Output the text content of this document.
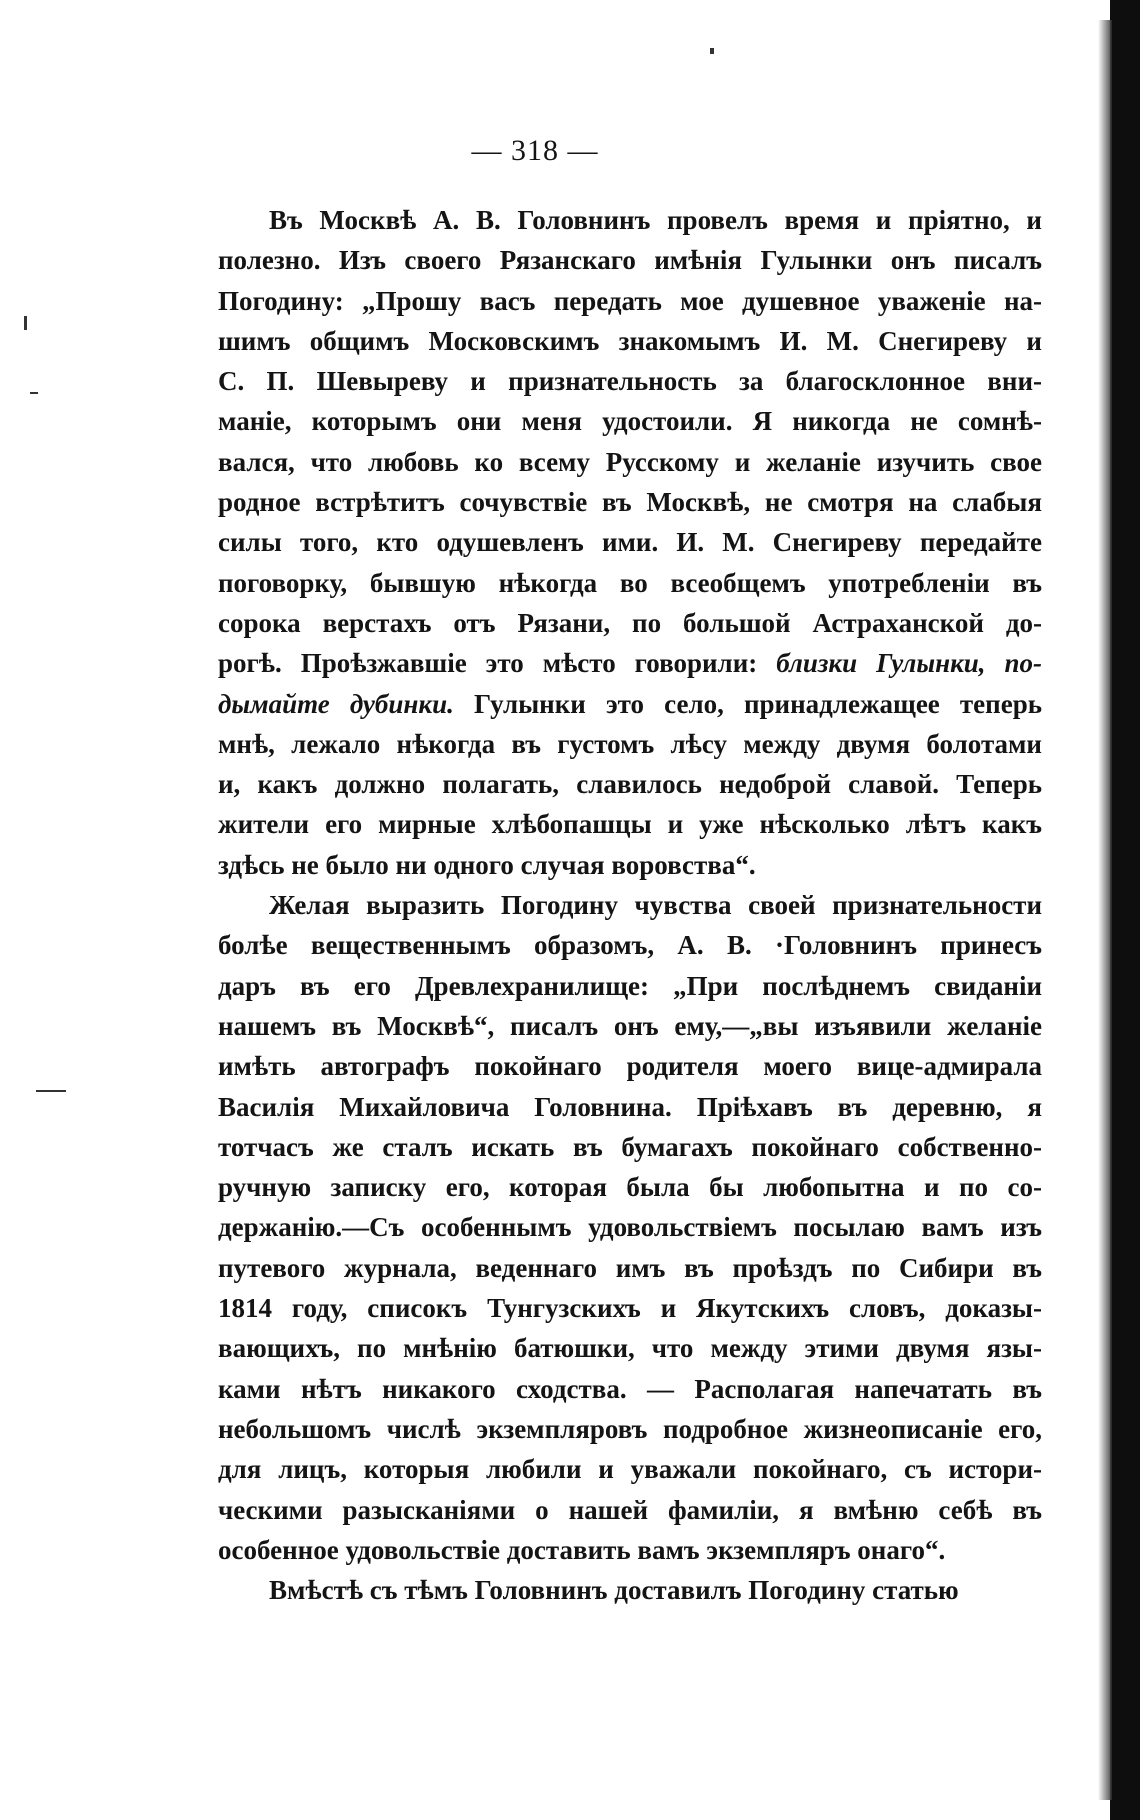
— 318 —
Въ Москвѣ А. В. Головнинъ провелъ время и пріятно, и
полезно. Изъ своего Рязанскаго имѣнія Гулынки онъ писалъ
Погодину: „Прошу васъ передать мое душевное уваженіе на-
шимъ общимъ Московскимъ знакомымъ И. М. Снегиреву и
С. П. Шевыреву и признательность за благосклонное вни-
маніе, которымъ они меня удостоили. Я никогда не сомнѣ-
вался, что любовь ко всему Русскому и желаніе изучить свое
родное встрѣтитъ сочувствіе въ Москвѣ, не смотря на слабыя
силы того, кто одушевленъ ими. И. М. Снегиреву передайте
поговорку, бывшую нѣкогда во всеобщемъ употребленіи въ
сорока верстахъ отъ Рязани, по большой Астраханской до-
рогѣ. Проѣзжавшіе это мѣсто говорили: близки Гулынки, по-
дымайте дубинки. Гулынки это село, принадлежащее теперь
мнѣ, лежало нѣкогда въ густомъ лѣсу между двумя болотами
и, какъ должно полагать, славилось недоброй славой. Теперь
жители его мирные хлѣбопашцы и уже нѣсколько лѣтъ какъ
здѣсь не было ни одного случая воровства“.
Желая выразить Погодину чувства своей признательности
болѣе вещественнымъ образомъ, А. В. ·Головнинъ принесъ
даръ въ его Древлехранилище: „При послѣднемъ свиданіи
нашемъ въ Москвѣ“, писалъ онъ ему,—„вы изъявили желаніе
имѣть автографъ покойнаго родителя моего вице-адмирала
Василія Михайловича Головнина. Пріѣхавъ въ деревню, я
тотчасъ же сталъ искать въ бумагахъ покойнаго собственно-
ручную записку его, которая была бы любопытна и по со-
держанію.—Съ особеннымъ удовольствіемъ посылаю вамъ изъ
путевого журнала, веденнаго имъ въ проѣздъ по Сибири въ
1814 году, списокъ Тунгузскихъ и Якутскихъ словъ, доказы-
вающихъ, по мнѣнію батюшки, что между этими двумя язы-
ками нѣтъ никакого сходства. — Располагая напечатать въ
небольшомъ числѣ экземпляровъ подробное жизнеописаніе его,
для лицъ, которыя любили и уважали покойнаго, съ истори-
ческими разысканіями о нашей фамиліи, я вмѣню себѣ въ
особенное удовольствіе доставить вамъ экземпляръ онаго“.
Вмѣстѣ съ тѣмъ Головнинъ доставилъ Погодину статью
